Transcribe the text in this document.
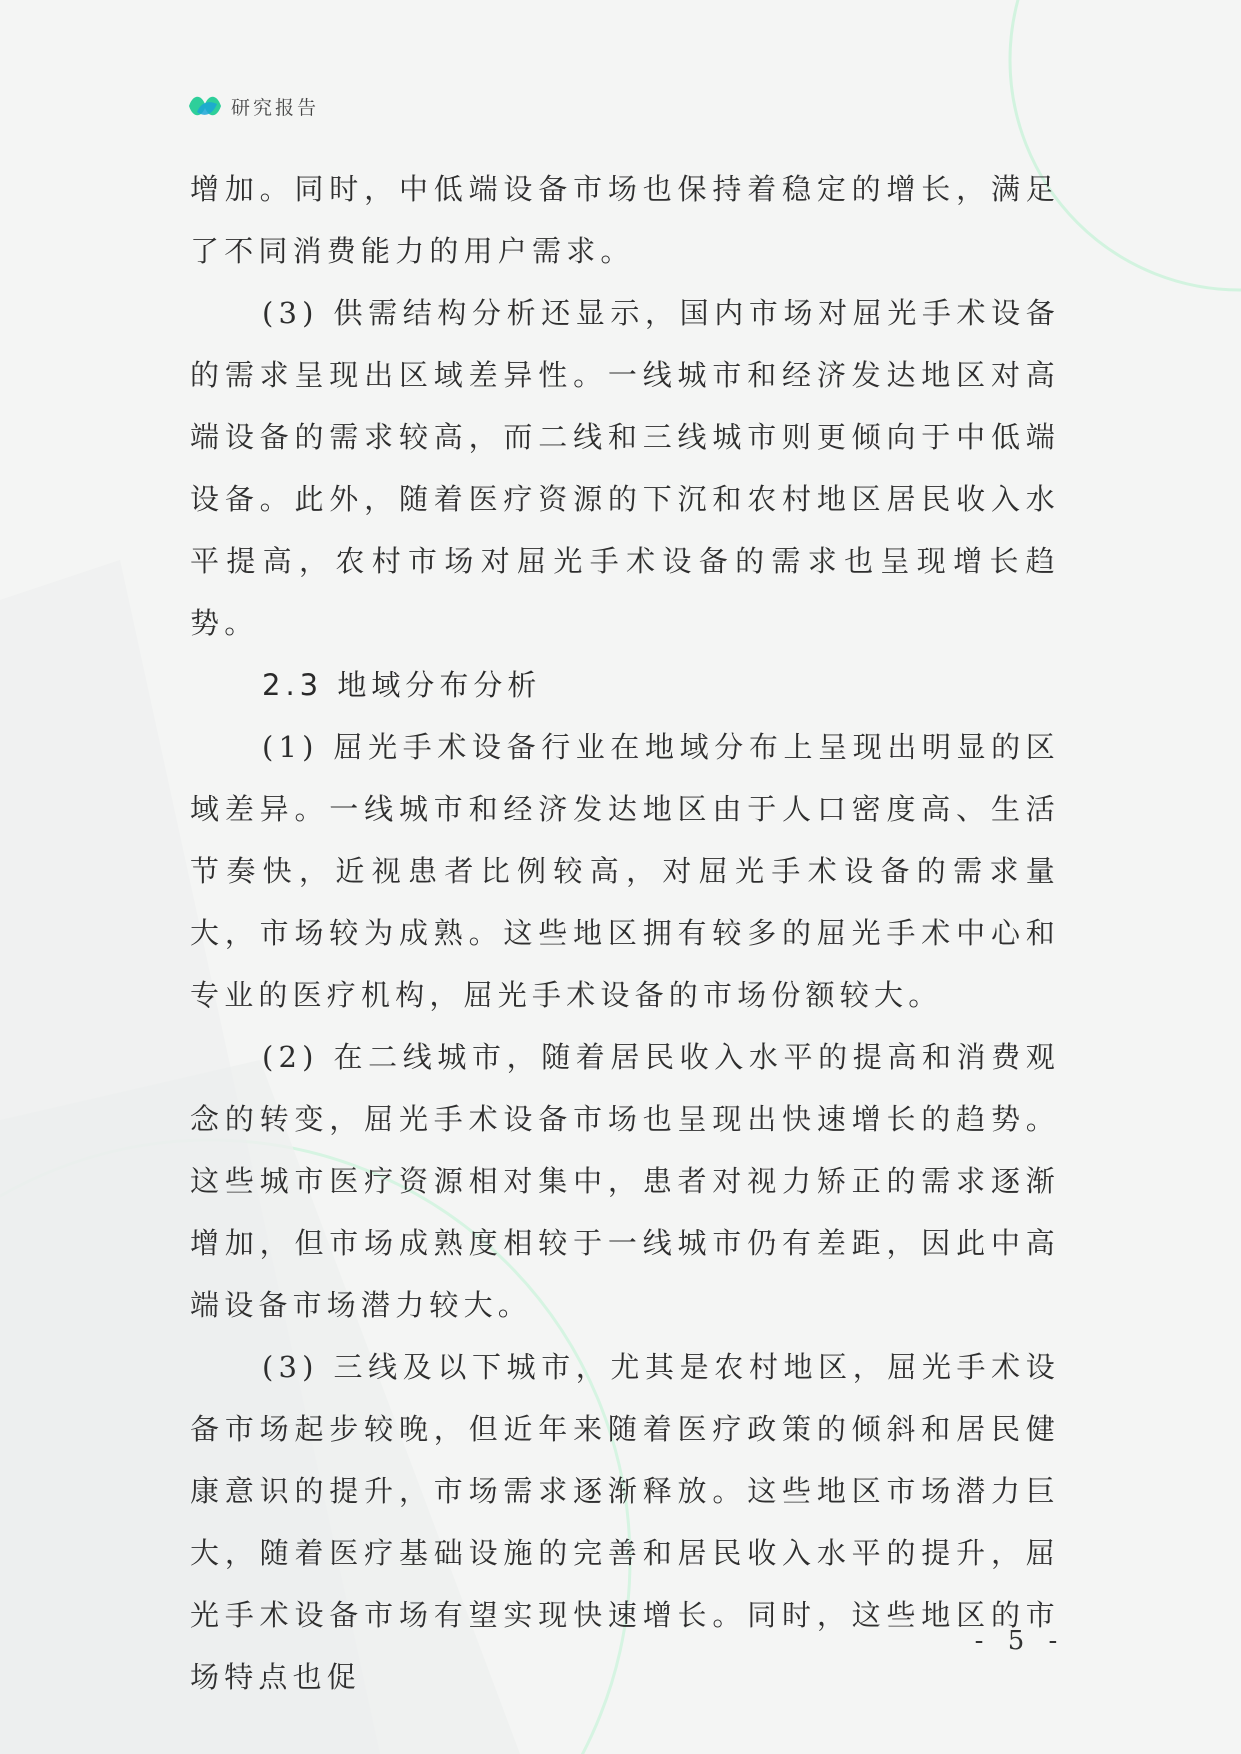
研究报告

增加。同时，中低端设备市场也保持着稳定的增长，满足了不同消费能力的用户需求。

(3) 供需结构分析还显示，国内市场对屈光手术设备的需求呈现出区域差异性。一线城市和经济发达地区对高端设备的需求较高，而二线和三线城市则更倾向于中低端设备。此外，随着医疗资源的下沉和农村地区居民收入水平提高，农村市场对屈光手术设备的需求也呈现增长趋势。

2.3 地域分布分析

(1) 屈光手术设备行业在地域分布上呈现出明显的区域差异。一线城市和经济发达地区由于人口密度高、生活节奏快，近视患者比例较高，对屈光手术设备的需求量大，市场较为成熟。这些地区拥有较多的屈光手术中心和专业的医疗机构，屈光手术设备的市场份额较大。

(2) 在二线城市，随着居民收入水平的提高和消费观念的转变，屈光手术设备市场也呈现出快速增长的趋势。这些城市医疗资源相对集中，患者对视力矫正的需求逐渐增加，但市场成熟度相较于一线城市仍有差距，因此中高端设备市场潜力较大。

(3) 三线及以下城市，尤其是农村地区，屈光手术设备市场起步较晚，但近年来随着医疗政策的倾斜和居民健康意识的提升，市场需求逐渐释放。这些地区市场潜力巨大，随着医疗基础设施的完善和居民收入水平的提升，屈光手术设备市场有望实现快速增长。同时，这些地区的市场特点也促

- 5 -
